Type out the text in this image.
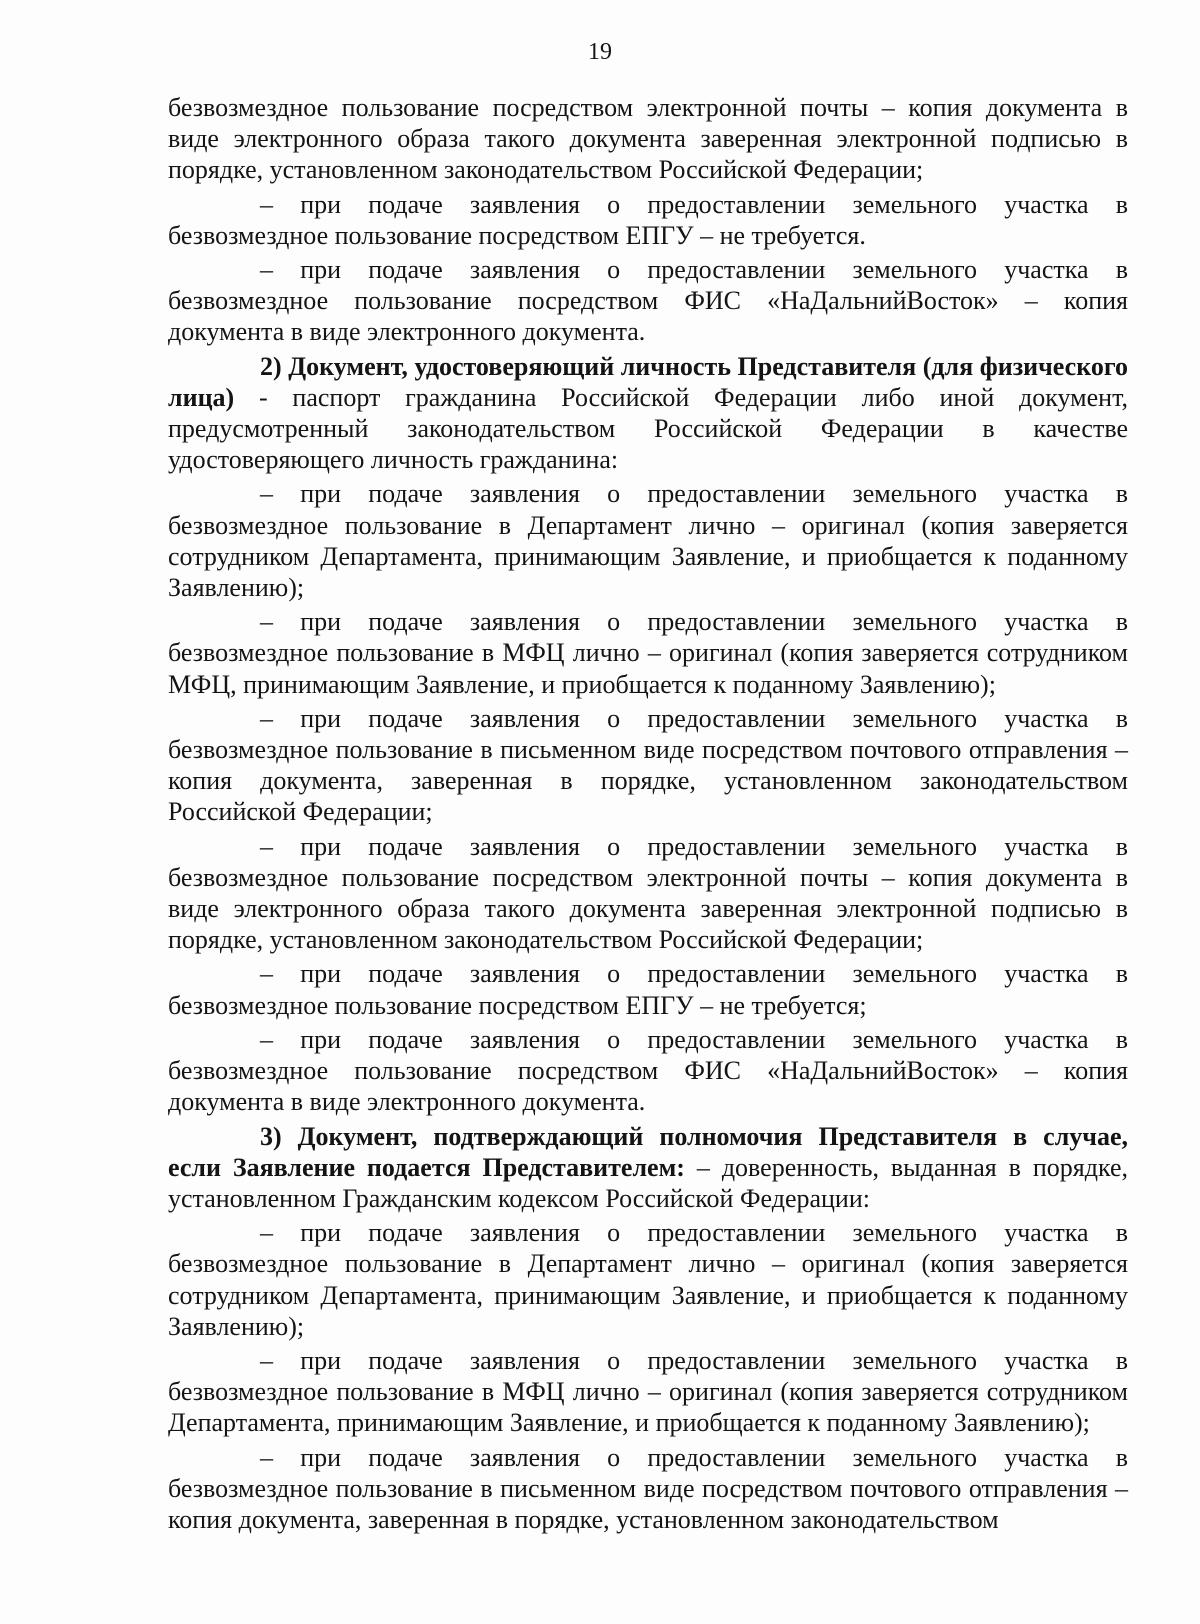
19

безвозмездное пользование посредством электронной почты – копия документа в виде электронного образа такого документа заверенная электронной подписью в порядке, установленном законодательством Российской Федерации;

– при подаче заявления о предоставлении земельного участка в безвозмездное пользование посредством ЕПГУ – не требуется.

– при подаче заявления о предоставлении земельного участка в безвозмездное пользование посредством ФИС «НаДальнийВосток» – копия документа в виде электронного документа.

2) Документ, удостоверяющий личность Представителя (для физического лица) - паспорт гражданина Российской Федерации либо иной документ, предусмотренный законодательством Российской Федерации в качестве удостоверяющего личность гражданина:

– при подаче заявления о предоставлении земельного участка в безвозмездное пользование в Департамент лично – оригинал (копия заверяется сотрудником Департамента, принимающим Заявление, и приобщается к поданному Заявлению);

– при подаче заявления о предоставлении земельного участка в безвозмездное пользование в МФЦ лично – оригинал (копия заверяется сотрудником МФЦ, принимающим Заявление, и приобщается к поданному Заявлению);

– при подаче заявления о предоставлении земельного участка в безвозмездное пользование в письменном виде посредством почтового отправления – копия документа, заверенная в порядке, установленном законодательством Российской Федерации;

– при подаче заявления о предоставлении земельного участка в безвозмездное пользование посредством электронной почты – копия документа в виде электронного образа такого документа заверенная электронной подписью в порядке, установленном законодательством Российской Федерации;

– при подаче заявления о предоставлении земельного участка в безвозмездное пользование посредством ЕПГУ – не требуется;

– при подаче заявления о предоставлении земельного участка в безвозмездное пользование посредством ФИС «НаДальнийВосток» – копия документа в виде электронного документа.

3) Документ, подтверждающий полномочия Представителя в случае, если Заявление подается Представителем: – доверенность, выданная в порядке, установленном Гражданским кодексом Российской Федерации:

– при подаче заявления о предоставлении земельного участка в безвозмездное пользование в Департамент лично – оригинал (копия заверяется сотрудником Департамента, принимающим Заявление, и приобщается к поданному Заявлению);

– при подаче заявления о предоставлении земельного участка в безвозмездное пользование в МФЦ лично – оригинал (копия заверяется сотрудником Департамента, принимающим Заявление, и приобщается к поданному Заявлению);

– при подаче заявления о предоставлении земельного участка в безвозмездное пользование в письменном виде посредством почтового отправления – копия документа, заверенная в порядке, установленном законодательством
